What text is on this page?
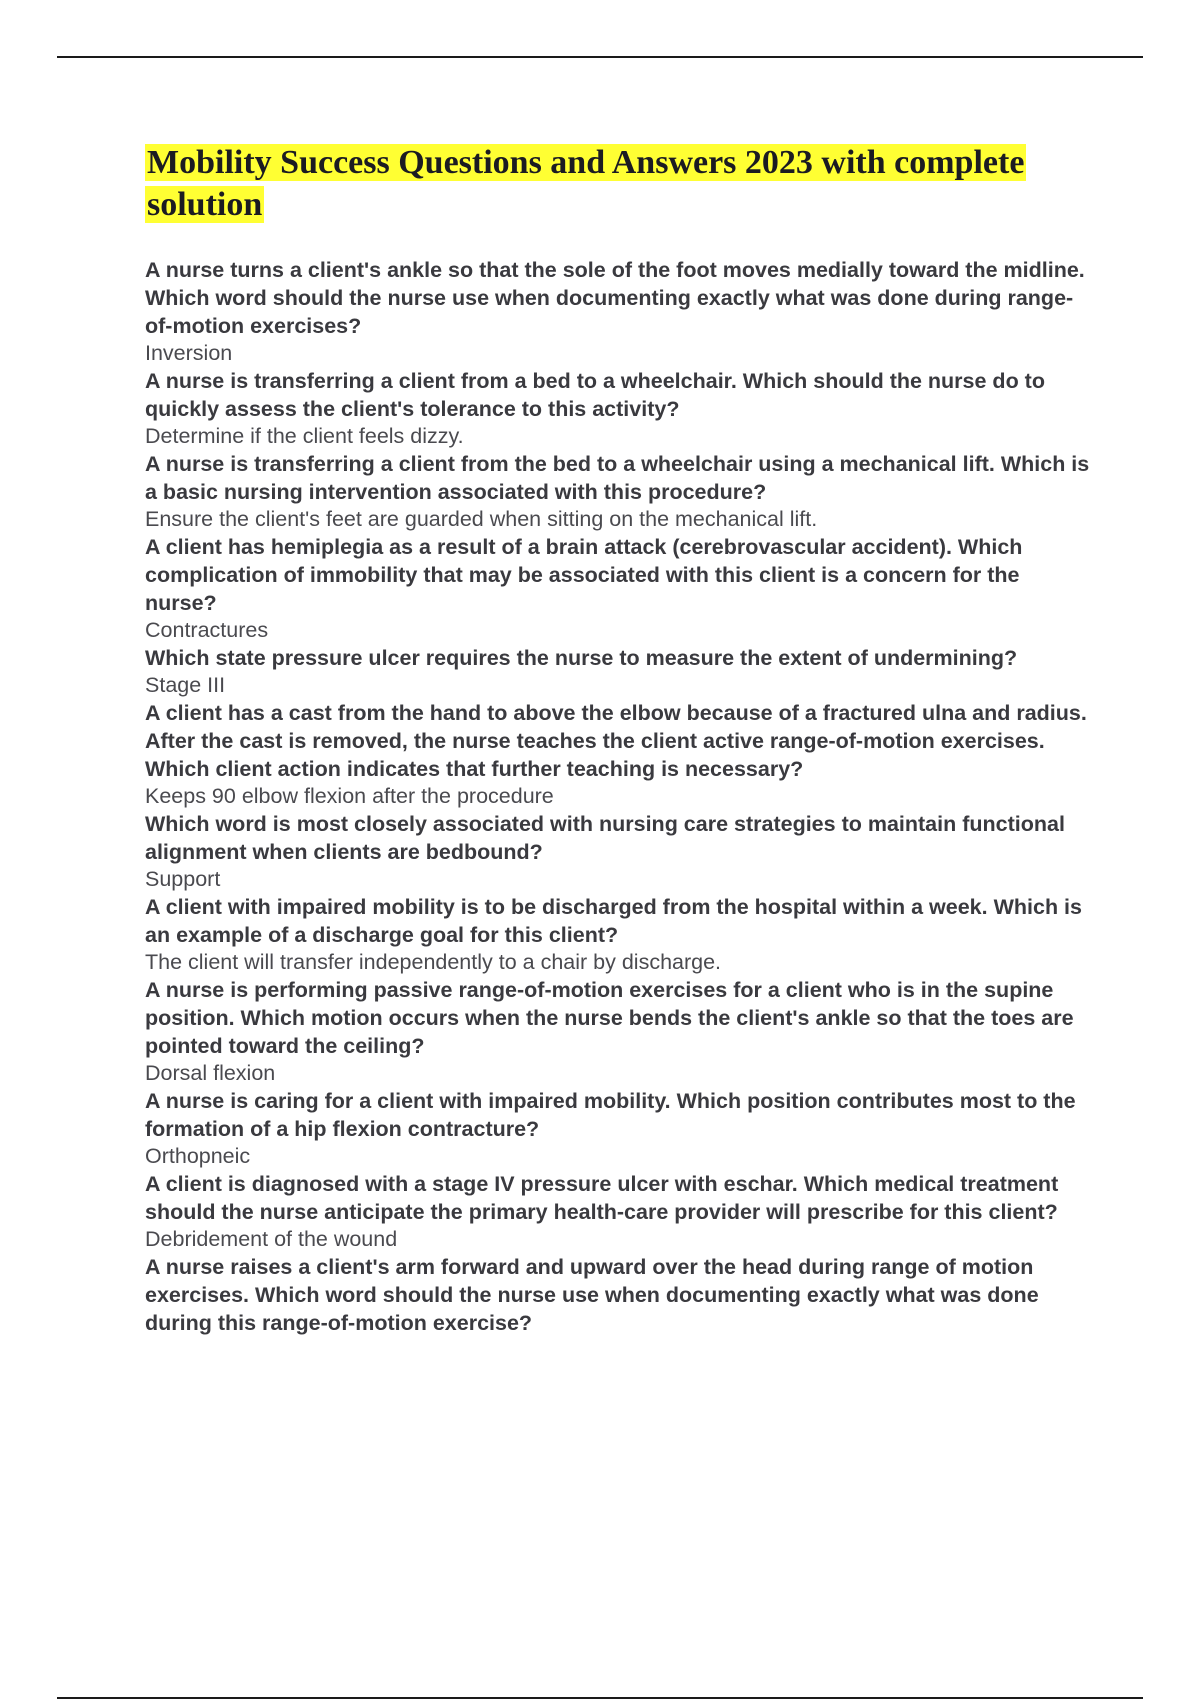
Mobility Success Questions and Answers 2023 with complete solution

A nurse turns a client's ankle so that the sole of the foot moves medially toward the midline. Which word should the nurse use when documenting exactly what was done during range-of-motion exercises?

Inversion

A nurse is transferring a client from a bed to a wheelchair. Which should the nurse do to quickly assess the client's tolerance to this activity?

Determine if the client feels dizzy.

A nurse is transferring a client from the bed to a wheelchair using a mechanical lift. Which is a basic nursing intervention associated with this procedure?

Ensure the client's feet are guarded when sitting on the mechanical lift.

A client has hemiplegia as a result of a brain attack (cerebrovascular accident). Which complication of immobility that may be associated with this client is a concern for the nurse?

Contractures

Which state pressure ulcer requires the nurse to measure the extent of undermining?

Stage III

A client has a cast from the hand to above the elbow because of a fractured ulna and radius. After the cast is removed, the nurse teaches the client active range-of-motion exercises. Which client action indicates that further teaching is necessary?

Keeps 90 elbow flexion after the procedure

Which word is most closely associated with nursing care strategies to maintain functional alignment when clients are bedbound?

Support

A client with impaired mobility is to be discharged from the hospital within a week. Which is an example of a discharge goal for this client?

The client will transfer independently to a chair by discharge.

A nurse is performing passive range-of-motion exercises for a client who is in the supine position. Which motion occurs when the nurse bends the client's ankle so that the toes are pointed toward the ceiling?

Dorsal flexion

A nurse is caring for a client with impaired mobility. Which position contributes most to the formation of a hip flexion contracture?

Orthopneic

A client is diagnosed with a stage IV pressure ulcer with eschar. Which medical treatment should the nurse anticipate the primary health-care provider will prescribe for this client?

Debridement of the wound

A nurse raises a client's arm forward and upward over the head during range of motion exercises. Which word should the nurse use when documenting exactly what was done during this range-of-motion exercise?
